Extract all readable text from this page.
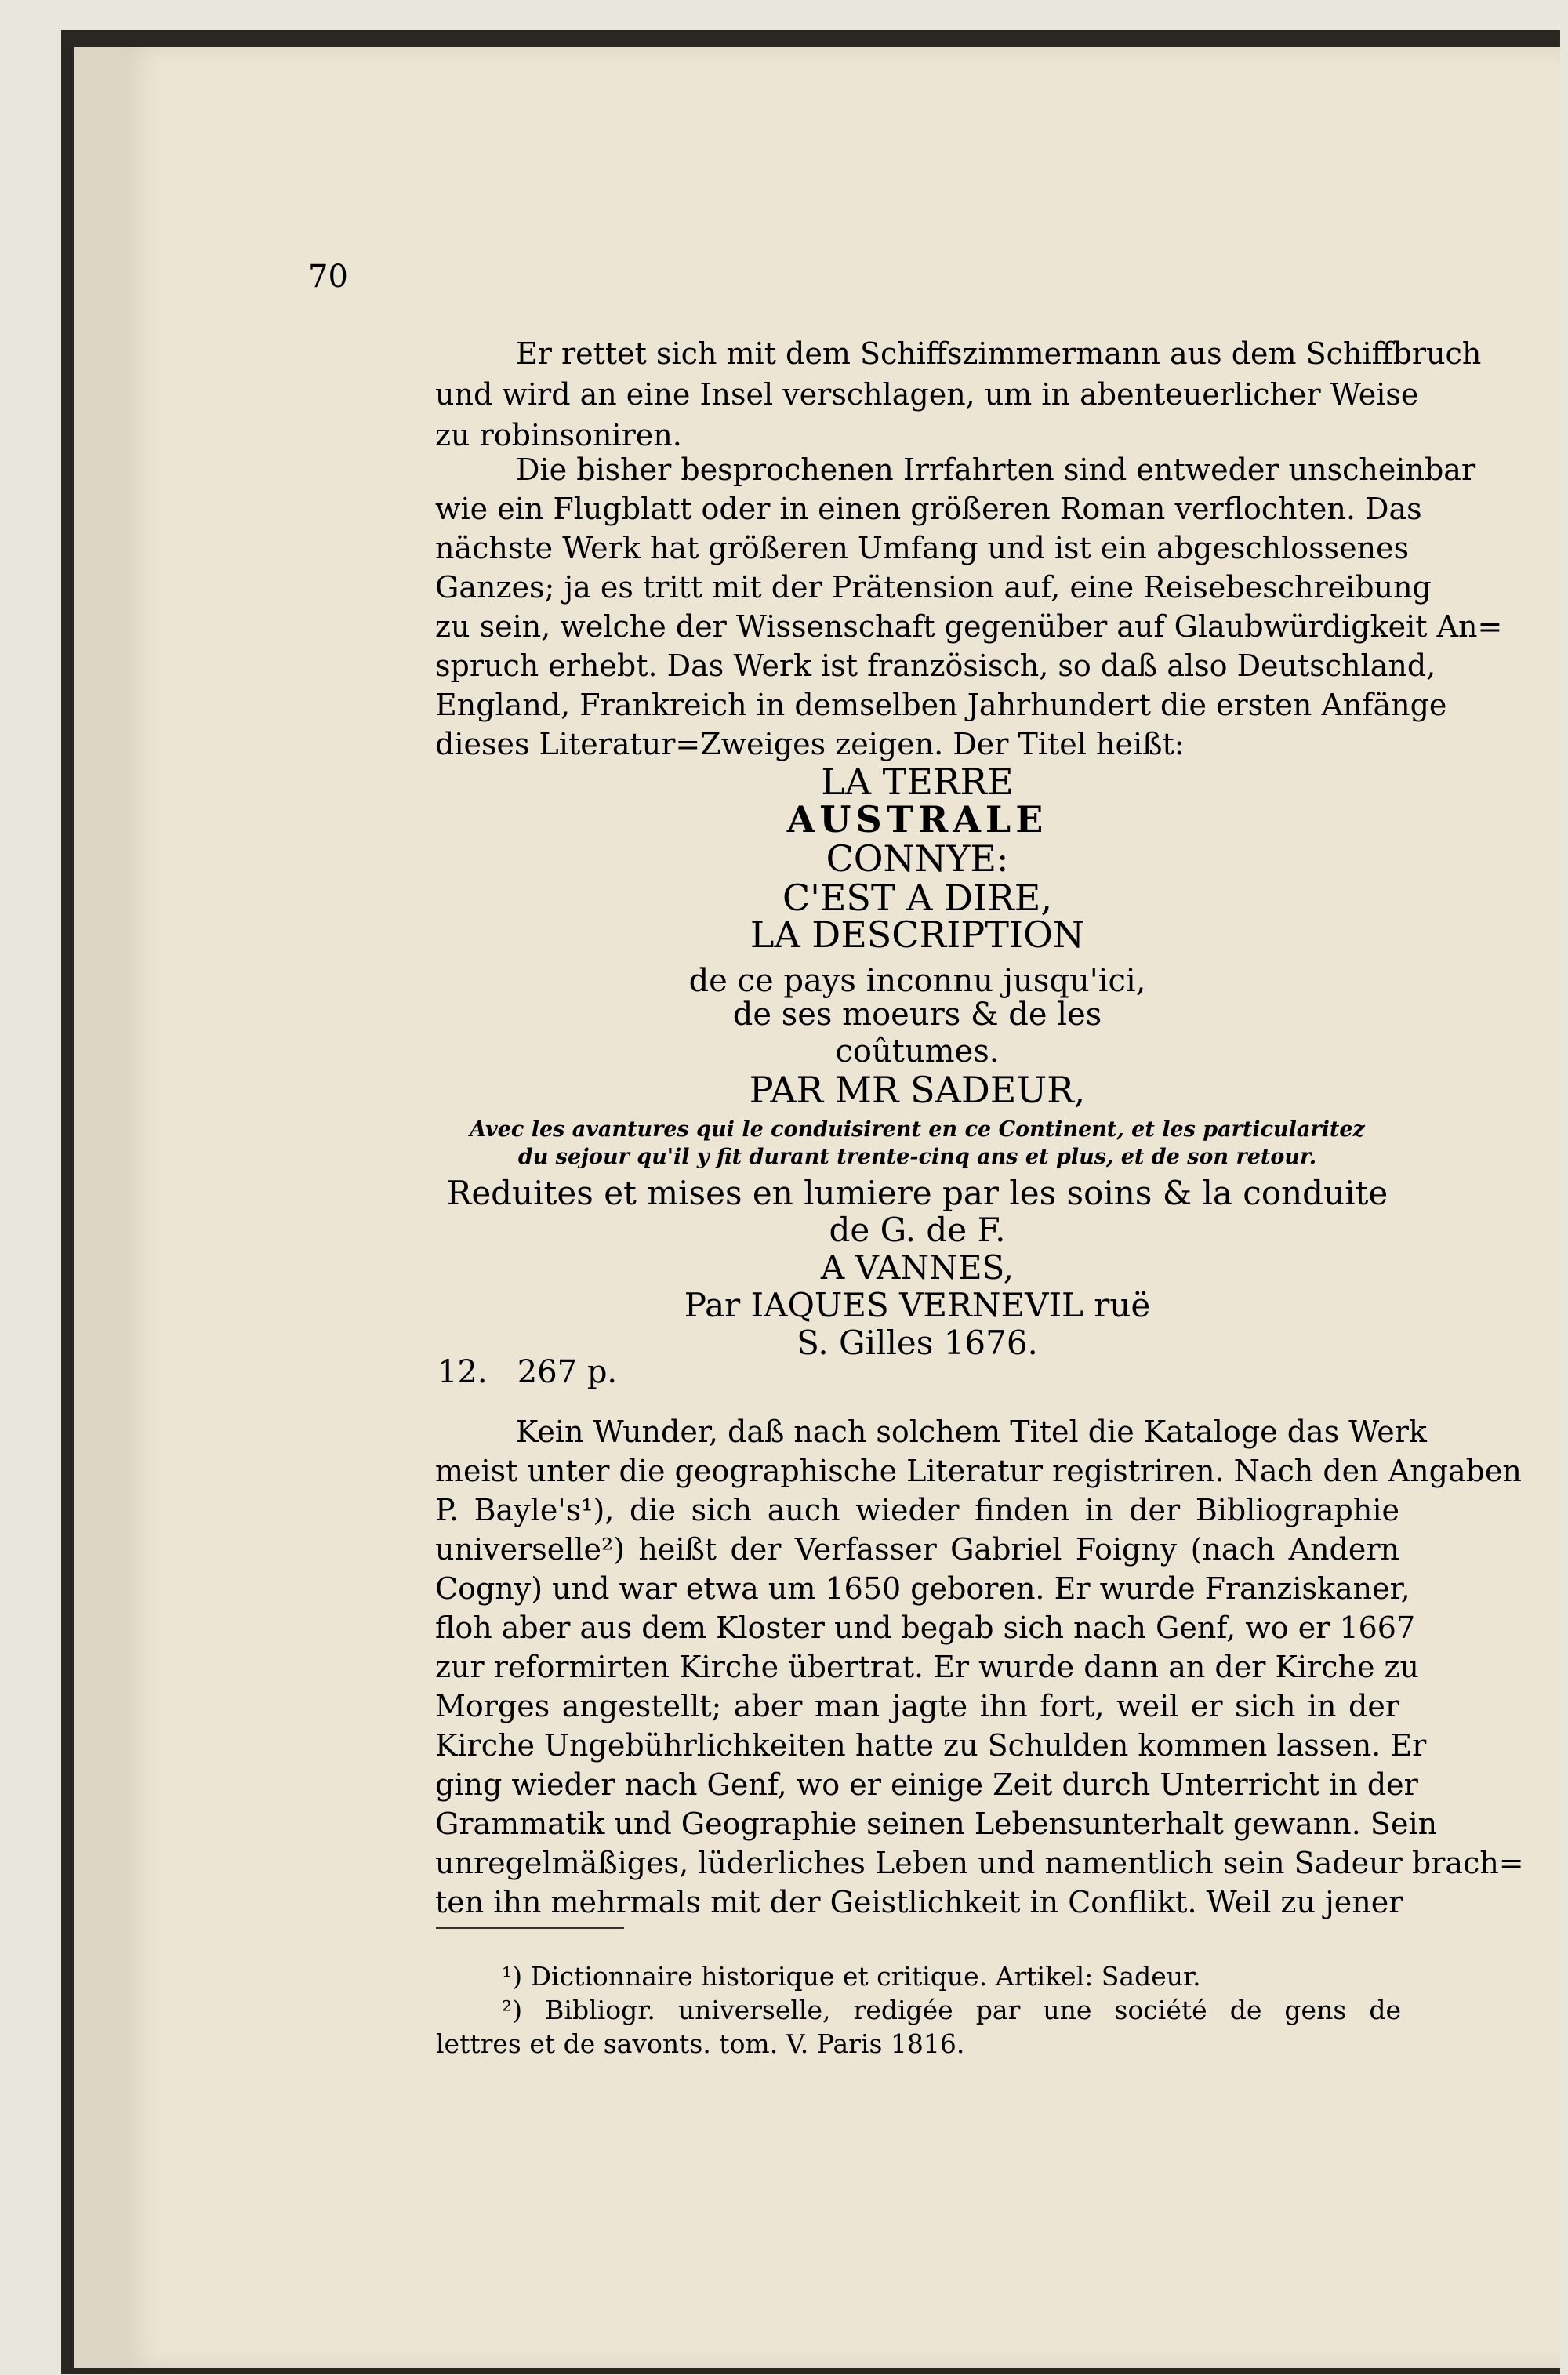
70
Er rettet sich mit dem Schiffszimmermann aus dem Schiffbruch
und wird an eine Insel verschlagen, um in abenteuerlicher Weise
zu robinsoniren.
Die bisher besprochenen Irrfahrten sind entweder unscheinbar
wie ein Flugblatt oder in einen größeren Roman verflochten. Das
nächste Werk hat größeren Umfang und ist ein abgeschlossenes
Ganzes; ja es tritt mit der Prätension auf, eine Reisebeschreibung
zu sein, welche der Wissenschaft gegenüber auf Glaubwürdigkeit An=
spruch erhebt. Das Werk ist französisch, so daß also Deutschland,
England, Frankreich in demselben Jahrhundert die ersten Anfänge
dieses Literatur=Zweiges zeigen. Der Titel heißt:
LA TERRE
AUSTRALE
CONNYE:
C'EST A DIRE,
LA DESCRIPTION
de ce pays inconnu jusqu'ici,
de ses moeurs & de les
coûtumes.
PAR MR SADEUR,
Avec les avantures qui le conduisirent en ce Continent, et les particularitez
du sejour qu'il y fit durant trente-cinq ans et plus, et de son retour.
Reduites et mises en lumiere par les soins & la conduite
de G. de F.
A VANNES,
Par IAQUES VERNEVIL ruë
S. Gilles 1676.
12.   267 p.
Kein Wunder, daß nach solchem Titel die Kataloge das Werk
meist unter die geographische Literatur registriren. Nach den Angaben
P. Bayle's¹), die sich auch wieder finden in der Bibliographie
universelle²) heißt der Verfasser Gabriel Foigny (nach Andern
Cogny) und war etwa um 1650 geboren. Er wurde Franziskaner,
floh aber aus dem Kloster und begab sich nach Genf, wo er 1667
zur reformirten Kirche übertrat. Er wurde dann an der Kirche zu
Morges angestellt; aber man jagte ihn fort, weil er sich in der
Kirche Ungebührlichkeiten hatte zu Schulden kommen lassen. Er
ging wieder nach Genf, wo er einige Zeit durch Unterricht in der
Grammatik und Geographie seinen Lebensunterhalt gewann. Sein
unregelmäßiges, lüderliches Leben und namentlich sein Sadeur brach=
ten ihn mehrmals mit der Geistlichkeit in Conflikt. Weil zu jener
¹) Dictionnaire historique et critique. Artikel: Sadeur.
²) Bibliogr. universelle, redigée par une société de gens de
lettres et de savonts. tom. V. Paris 1816.
